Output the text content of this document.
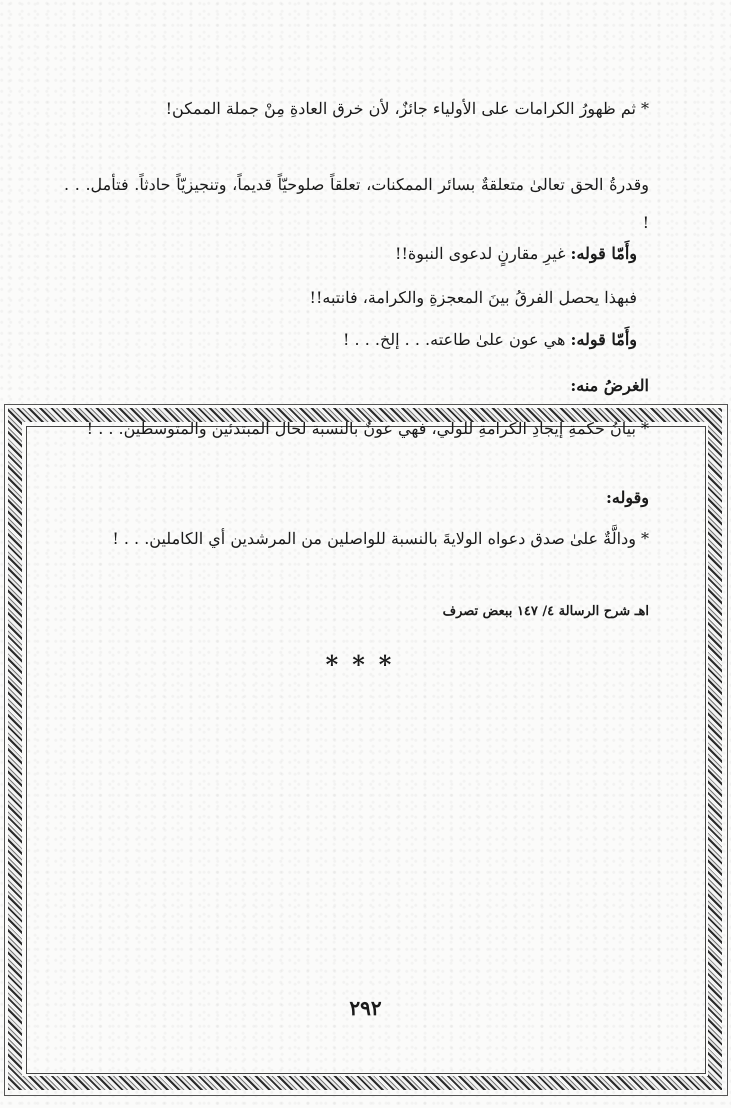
* ثم ظهورُ الكرامات على الأولياء جائزٌ، لأن خرق العادةِ مِنْ جملة الممكن!

وقدرةُ الحق تعالىٰ متعلقةٌ بسائر الممكنات، تعلقاً صلوحيّاً قديماً، وتنجيزيّاً حادثاً. فتأمل. . . !

وأَمّا قوله: غيرِ مقارنٍ لدعوى النبوة!!

فبهذا يحصل الفرقُ بينَ المعجزةِ والكرامة، فانتبه!!

وأَمّا قوله: هي عون علىٰ طاعته. . . إلخ. . . !

الغرضُ منه:

* بيانُ حكمةِ إيجادِ الكرامةِ للولي، فهي عونٌ بالنسبة لحال المبتدئين والمتوسطين. . . !

وقوله:

* ودالَّةٌ علىٰ صدق دعواه الولايةَ بالنسبة للواصلين من المرشدين أي الكاملين. . . !

اهـ شرح الرسالة ٤/ ١٤٧ ببعض تصرف

***
٢٩٢
